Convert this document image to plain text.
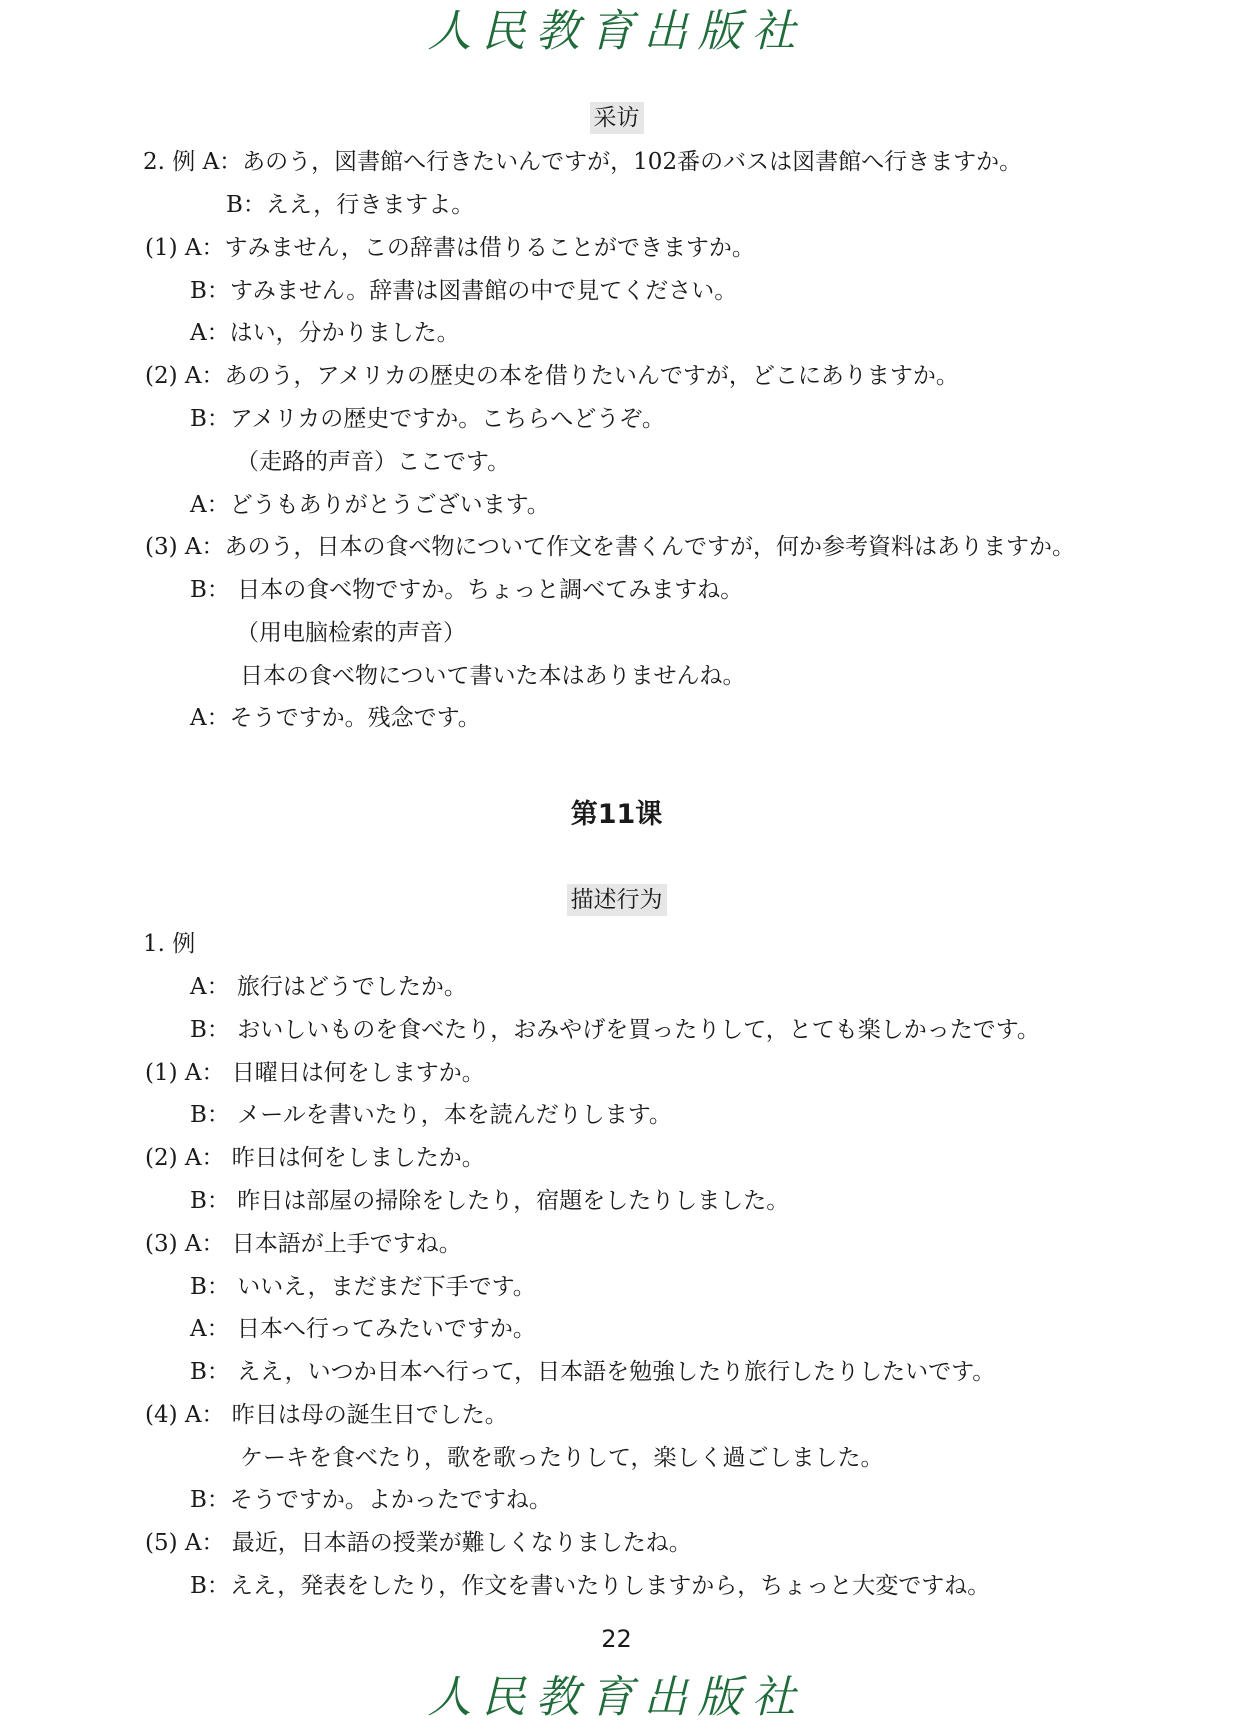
人民教育出版社
采访
2. 例 A：あのう，図書館へ行きたいんですが，102番のバスは図書館へ行きますか。
B：ええ，行きますよ。
(1) A：すみません，この辞書は借りることができますか。
B：すみません。辞書は図書館の中で見てください。
A：はい，分かりました。
(2) A：あのう，アメリカの歴史の本を借りたいんですが，どこにありますか。
B：アメリカの歴史ですか。こちらへどうぞ。
（走路的声音）ここです。
A：どうもありがとうございます。
(3) A：あのう，日本の食べ物について作文を書くんですが，何か参考資料はありますか。
B： 日本の食べ物ですか。ちょっと調べてみますね。
（用电脑检索的声音）
日本の食べ物について書いた本はありませんね。
A：そうですか。残念です。
第11课
描述行为
1. 例
A： 旅行はどうでしたか。
B： おいしいものを食べたり，おみやげを買ったりして，とても楽しかったです。
(1) A： 日曜日は何をしますか。
B： メールを書いたり，本を読んだりします。
(2) A： 昨日は何をしましたか。
B： 昨日は部屋の掃除をしたり，宿題をしたりしました。
(3) A： 日本語が上手ですね。
B： いいえ，まだまだ下手です。
A： 日本へ行ってみたいですか。
B： ええ，いつか日本へ行って，日本語を勉強したり旅行したりしたいです。
(4) A： 昨日は母の誕生日でした。
ケーキを食べたり，歌を歌ったりして，楽しく過ごしました。
B：そうですか。よかったですね。
(5) A： 最近，日本語の授業が難しくなりましたね。
B：ええ，発表をしたり，作文を書いたりしますから，ちょっと大変ですね。
22
人民教育出版社
